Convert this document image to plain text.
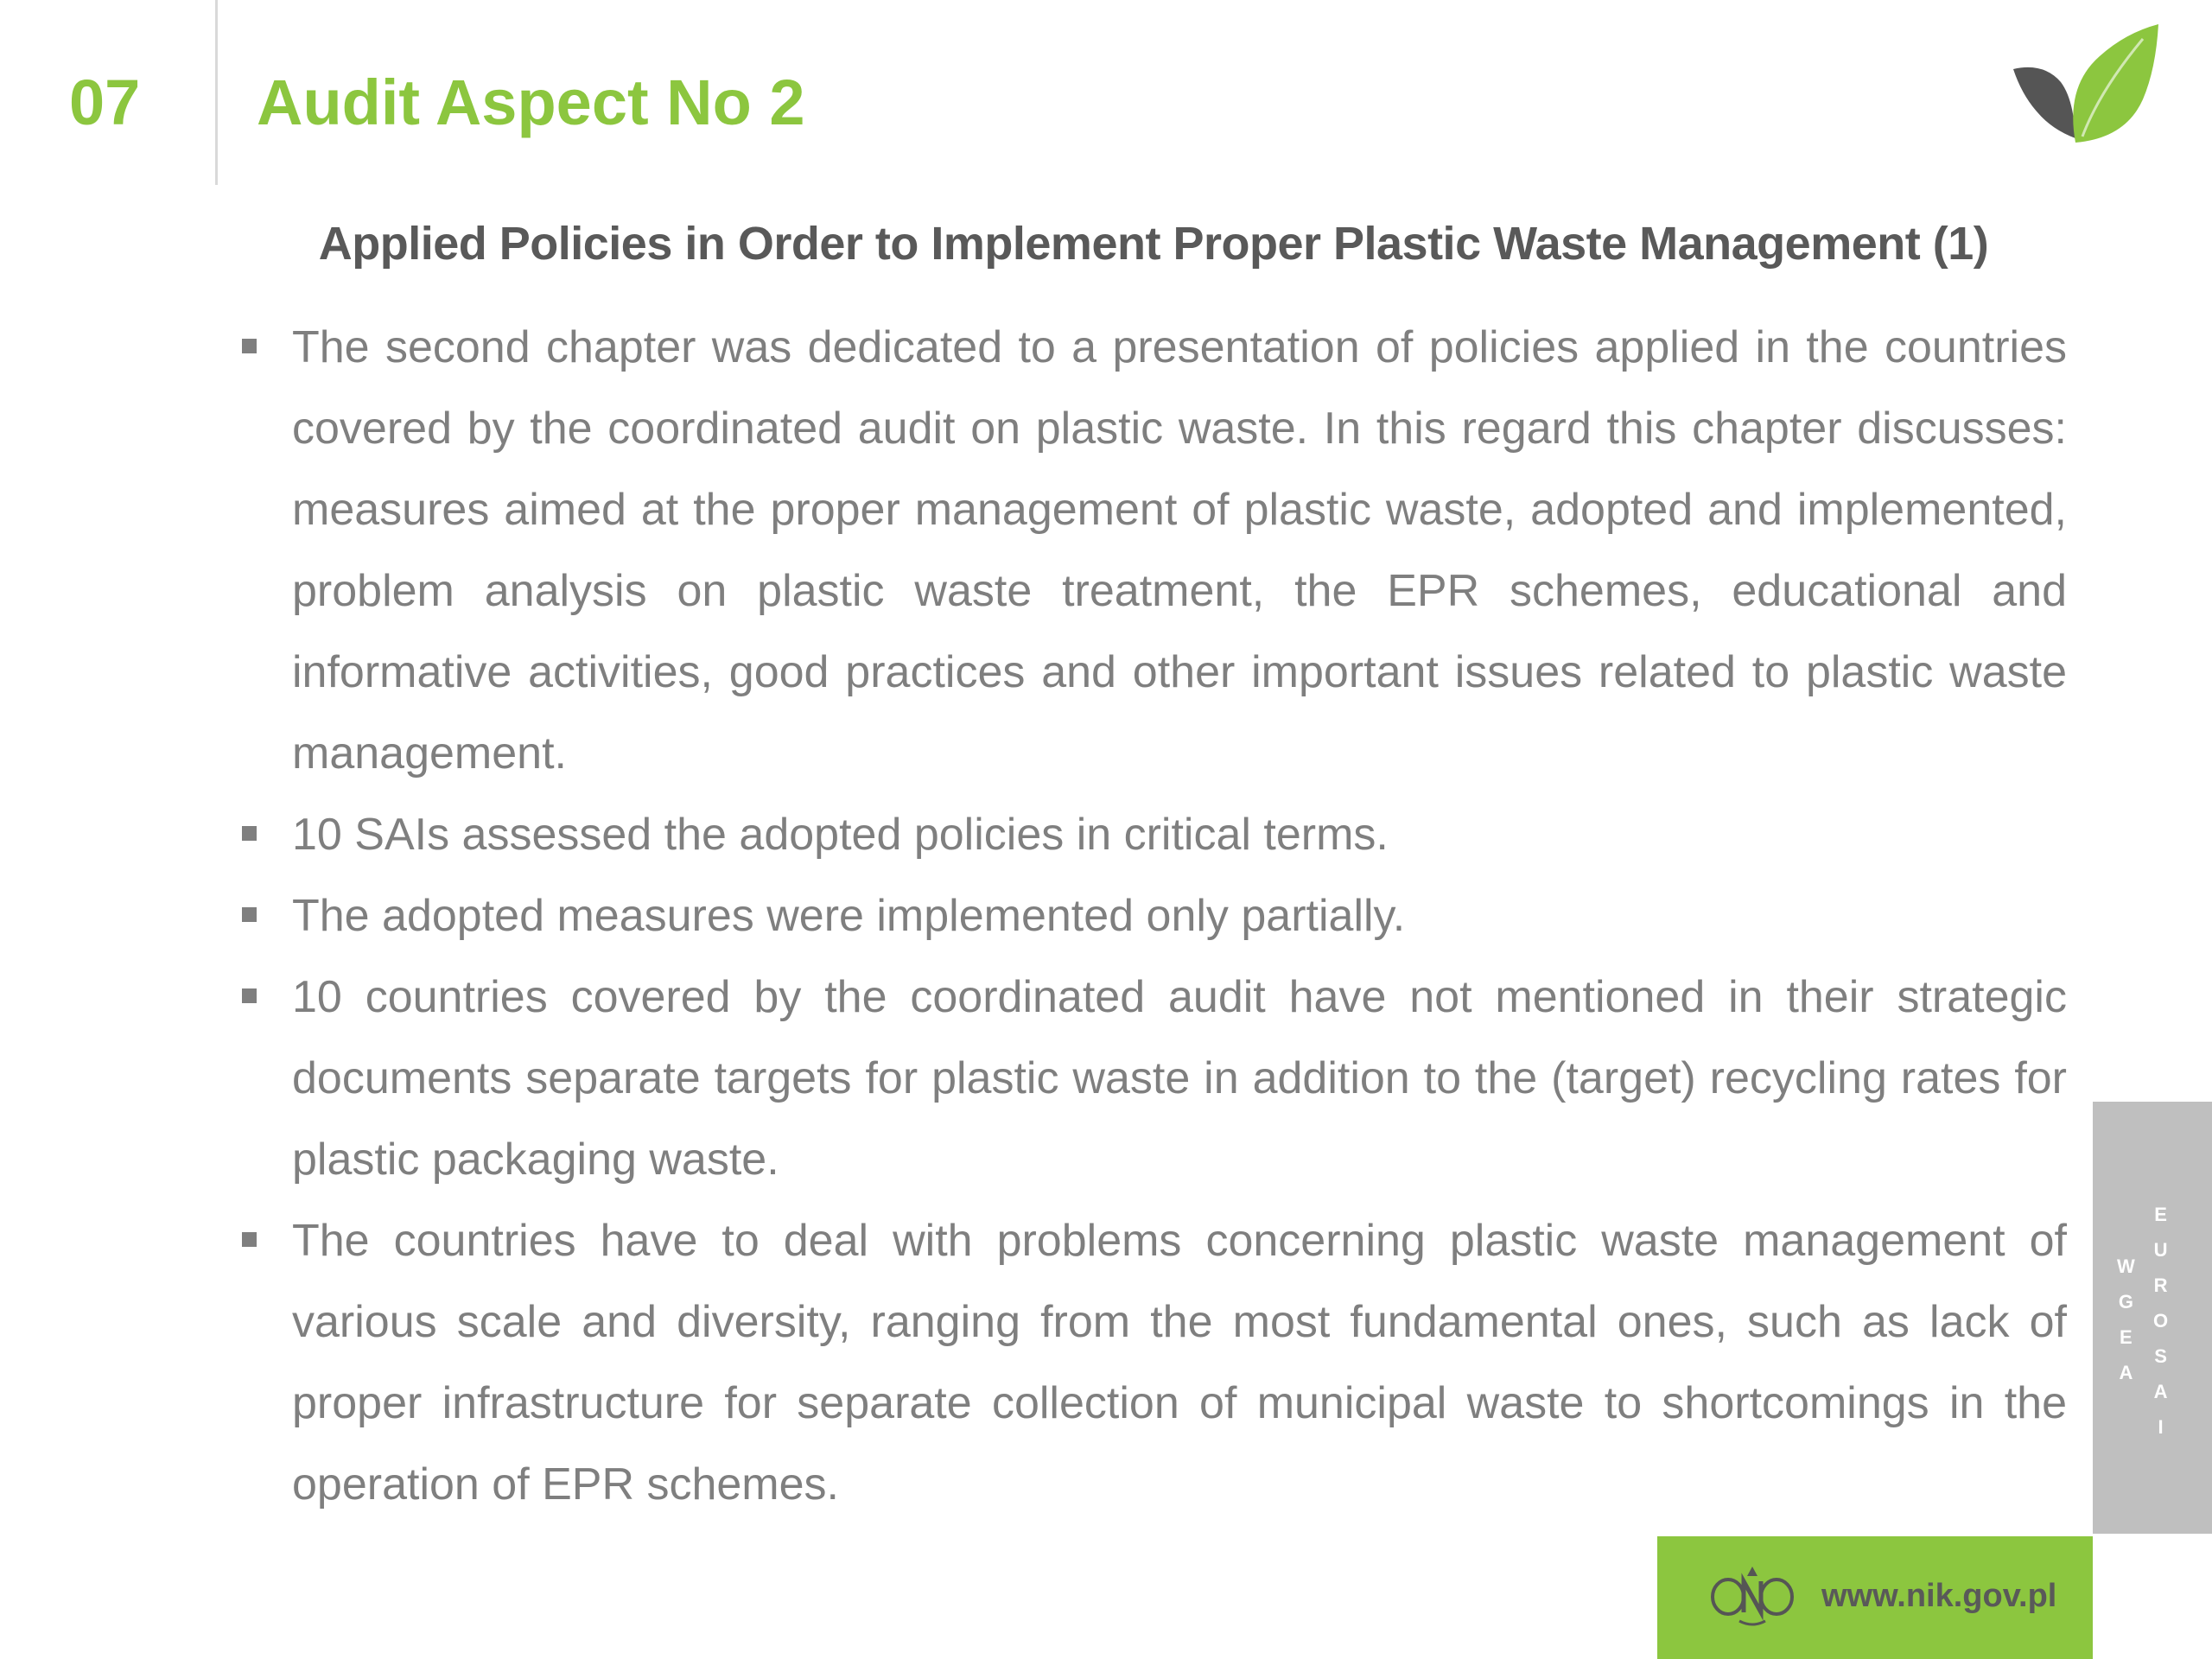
07 Audit Aspect No 2
Applied Policies in Order to Implement Proper Plastic Waste Management (1)
The second chapter was dedicated to a presentation of policies applied in the countries covered by the coordinated audit on plastic waste. In this regard this chapter discusses: measures aimed at the proper management of plastic waste, adopted and implemented, problem analysis on plastic waste treatment, the EPR schemes, educational and informative activities, good practices and other important issues related to plastic waste management.
10 SAIs assessed the adopted policies in critical terms.
The adopted measures were implemented only partially.
10 countries covered by the coordinated audit have not mentioned in their strategic documents separate targets for plastic waste in addition to the (target) recycling rates for plastic packaging waste.
The countries have to deal with problems concerning plastic waste management of various scale and diversity, ranging from the most fundamental ones, such as lack of proper infrastructure for separate collection of municipal waste to shortcomings in the operation of EPR schemes.
W
G
E
A
E
U
R
O
S
A
I
www.nik.gov.pl
